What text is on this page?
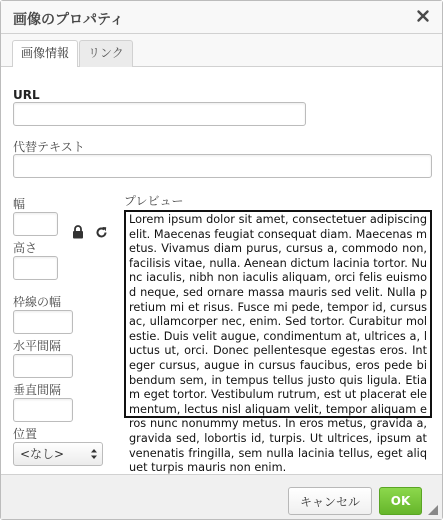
画像のプロパティ
画像情報	リンク
URL
代替テキスト
幅
高さ
枠線の幅
水平間隔
垂直間隔
位置
<なし>
プレビュー
Lorem ipsum dolor sit amet, consectetuer adipiscing elit. Maecenas feugiat consequat diam. Maecenas metus. Vivamus diam purus, cursus a, commodo non, facilisis vitae, nulla. Aenean dictum lacinia tortor. Nunc iaculis, nibh non iaculis aliquam, orci felis euismod neque, sed ornare massa mauris sed velit. Nulla pretium mi et risus. Fusce mi pede, tempor id, cursus ac, ullamcorper nec, enim. Sed tortor. Curabitur molestie. Duis velit augue, condimentum at, ultrices a, luctus ut, orci. Donec pellentesque egestas eros. Integer cursus, augue in cursus faucibus, eros pede bibendum sem, in tempus tellus justo quis ligula. Etiam eget tortor. Vestibulum rutrum, est ut placerat elementum, lectus nisl aliquam velit, tempor aliquam eros nunc nonummy metus. In eros metus, gravida a, gravida sed, lobortis id, turpis. Ut ultrices, ipsum at venenatis fringilla, sem nulla lacinia tellus, eget aliquet turpis mauris non enim.
キャンセル	OK
